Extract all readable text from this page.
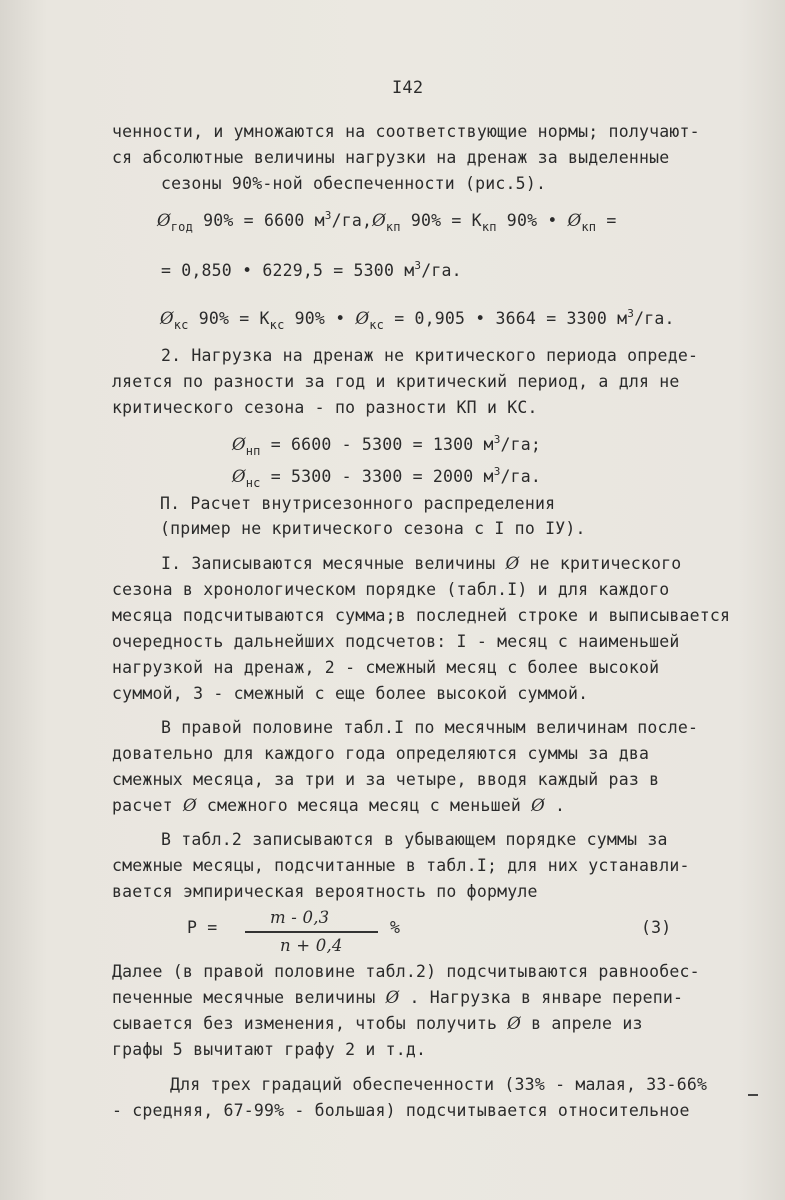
I42
ченности, и умножаются на соответствующие нормы; получают-
ся абсолютные величины нагрузки на дренаж за выделенные
сезоны 90%-ной обеспеченности (рис.5).
$Ø_{год}$ 90% = 6600 $м^3/га,Ø_{кп}$ $90\% = К_{кп}$ 90% • $Ø_{кп}$ =
= 0,850 • 6229,5 = 5300 $м^3/га$.
$Ø_{кс}$ $90\% = К_{кс}$ 90% • $Ø_{кс} = 0,905$ • 3664 = 3300 $м^3/га$.
2. Нагрузка на дренаж не критического периода опреде-
ляется по разности за год и критический период, а для не
критического сезона - по разности КП и КС.
$Ø_{нп} = 6600 - 5300 = 1300$ $м^3/га$;
$Ø_{нс} = 5300 - 3300 = 2000$ $м^3/га$.
П. Расчет внутрисезонного распределения
(пример не критического сезона с I по IУ).
I. Записываются месячные величины Ø не критического
сезона в хронологическом порядке (табл.I) и для каждого
месяца подсчитываются сумма;в последней строке и выписывается
очередность дальнейших подсчетов: I - месяц с наименьшей
нагрузкой на дренаж, 2 - смежный месяц с более высокой
суммой, 3 - смежный с еще более высокой суммой.
В правой половине табл.I по месячным величинам после-
довательно для каждого года определяются суммы за два
смежных месяца, за три и за четыре, вводя каждый раз в
расчет Ø смежного месяца месяц с меньшей Ø .
В табл.2 записываются в убывающем порядке суммы за
смежные месяцы, подсчитанные в табл.I; для них устанавли-
вается эмпирическая вероятность по формуле
P =
m - 0,3
n + 0,4
%	(3)
Далее (в правой половине табл.2) подсчитываются равнообес-
печенные месячные величины Ø . Нагрузка в январе перепи-
сывается без изменения, чтобы получить Ø в апреле из
графы 5 вычитают графу 2 и т.д.
Для трех градаций обеспеченности (33% - малая, 33-66%
- средняя, 67-99% - большая) подсчитывается относительное
